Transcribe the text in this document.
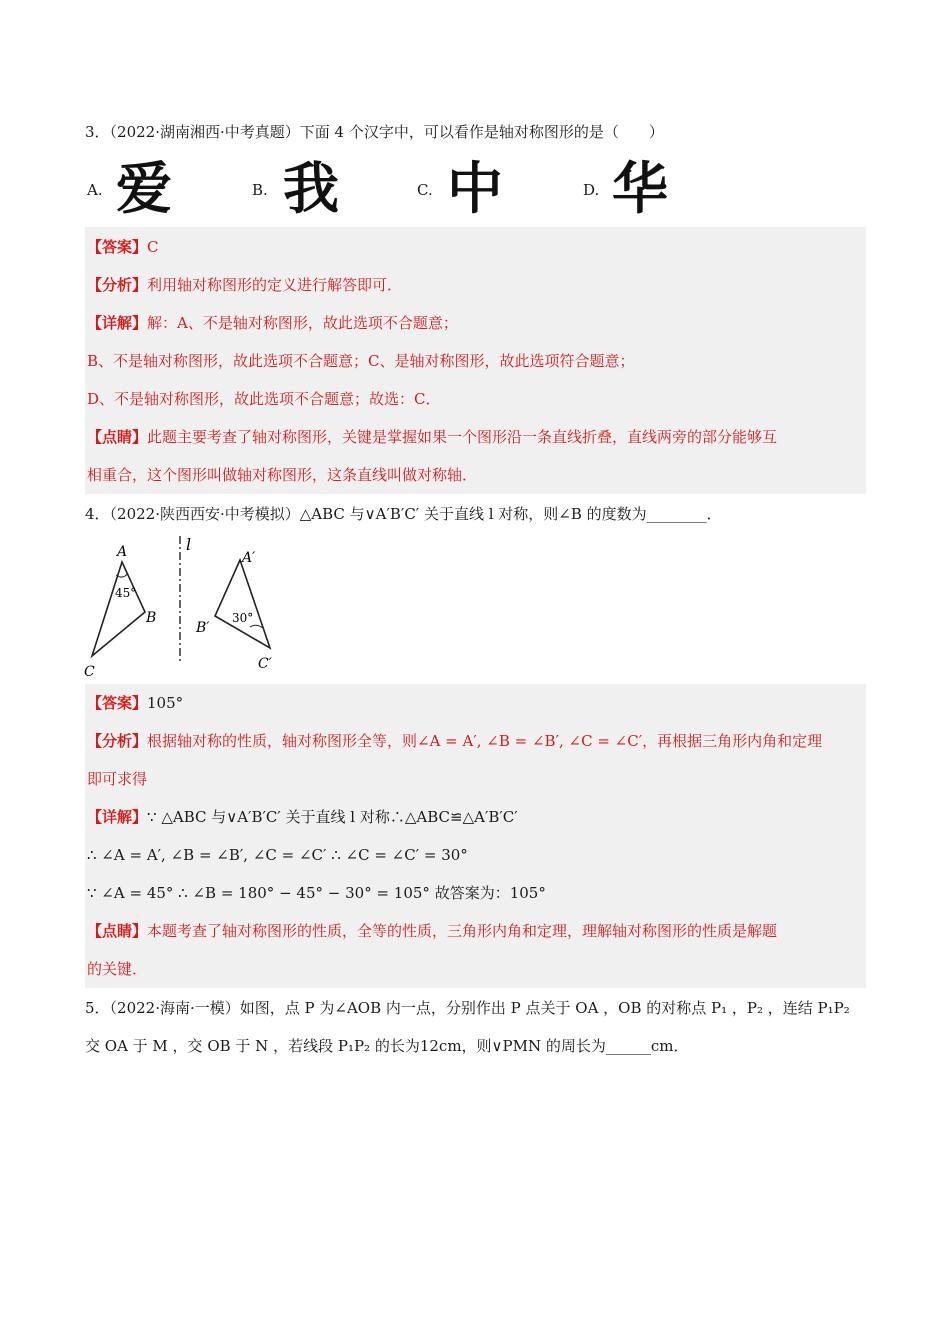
3．（2022·湖南湘西·中考真题）下面 4 个汉字中，可以看作是轴对称图形的是（　　）
A. 爱	B. 我	C. 中	D. 华
【答案】C
【分析】利用轴对称图形的定义进行解答即可．
【详解】解：A、不是轴对称图形，故此选项不合题意；
B、不是轴对称图形，故此选项不合题意；C、是轴对称图形，故此选项符合题意；
D、不是轴对称图形，故此选项不合题意；故选：C．
【点睛】此题主要考查了轴对称图形，关键是掌握如果一个图形沿一条直线折叠，直线两旁的部分能够互
相重合，这个图形叫做轴对称图形，这条直线叫做对称轴．
4．（2022·陕西西安·中考模拟）△ABC 与∨A′B′C′ 关于直线 l 对称，则∠B 的度数为________．
A
B
C
45°
l
A′
B′
C′
30°
【答案】105°
【分析】根据轴对称的性质，轴对称图形全等，则∠A = A′, ∠B = ∠B′, ∠C = ∠C′，再根据三角形内角和定理
即可求得
【详解】∵ △ABC 与∨A′B′C′ 关于直线 l 对称∴△ABC≌△A′B′C′
∴ ∠A = A′, ∠B = ∠B′, ∠C = ∠C′ ∴ ∠C = ∠C′ = 30°
∵ ∠A = 45° ∴ ∠B = 180° − 45° − 30° = 105° 故答案为：105°
【点睛】本题考查了轴对称图形的性质，全等的性质，三角形内角和定理，理解轴对称图形的性质是解题
的关键．
5．（2022·海南·一模）如图，点 P 为∠AOB 内一点，分别作出 P 点关于 OA ，OB 的对称点 P₁ ，P₂ ，连结 P₁P₂
交 OA 于 M ，交 OB 于 N ，若线段 P₁P₂ 的长为12cm，则∨PMN 的周长为______cm．
